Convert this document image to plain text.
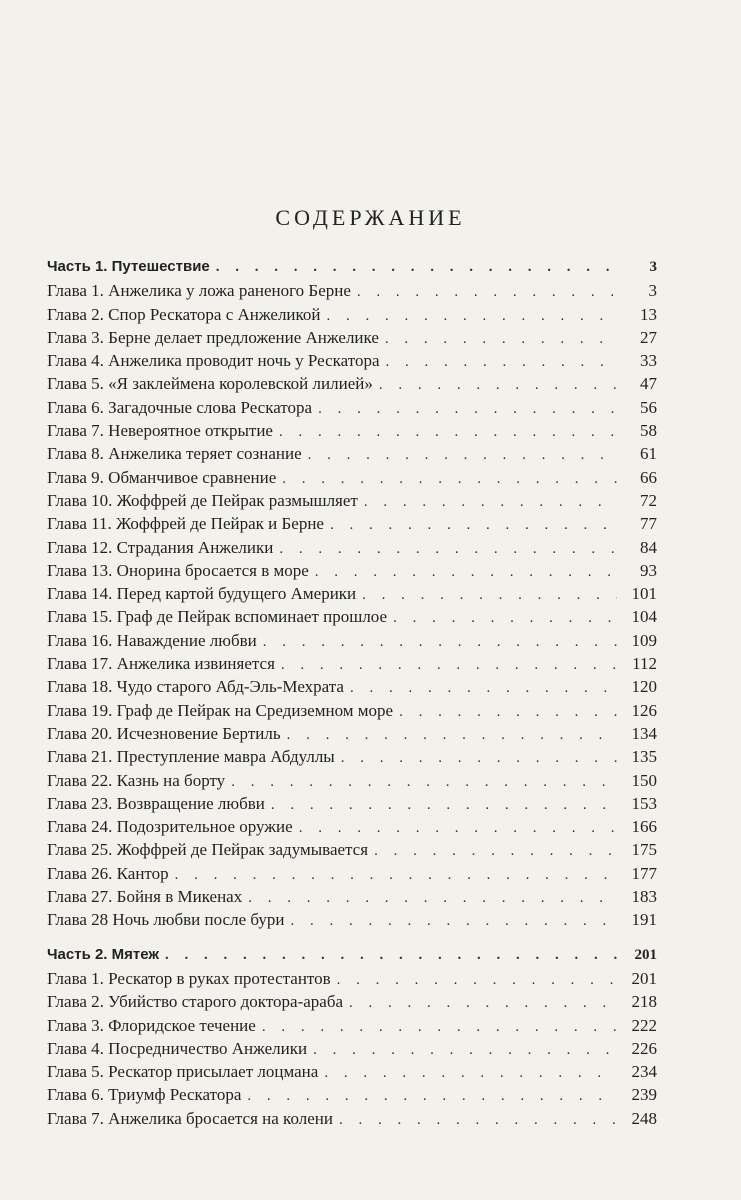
СОДЕРЖАНИЕ
Часть 1. Путешествие . . .	3
Глава 1. Анжелика у ложа раненого Берне . . .	3
Глава 2. Спор Рескатора с Анжеликой . . .	13
Глава 3. Берне делает предложение Анжелике . . .	27
Глава 4. Анжелика проводит ночь у Рескатора . . .	33
Глава 5. «Я заклеймена королевской лилией» . . .	47
Глава 6. Загадочные слова Рескатора . . .	56
Глава 7. Невероятное открытие . . .	58
Глава 8. Анжелика теряет сознание . . .	61
Глава 9. Обманчивое сравнение . . .	66
Глава 10. Жоффрей де Пейрак размышляет . . .	72
Глава 11. Жоффрей де Пейрак и Берне . . .	77
Глава 12. Страдания Анжелики . . .	84
Глава 13. Онорина бросается в море . . .	93
Глава 14. Перед картой будущего Америки . . .	101
Глава 15. Граф де Пейрак вспоминает прошлое . . .	104
Глава 16. Наваждение любви . . .	109
Глава 17. Анжелика извиняется . . .	112
Глава 18. Чудо старого Абд-Эль-Мехрата . . .	120
Глава 19. Граф де Пейрак на Средиземном море . . .	126
Глава 20. Исчезновение Бертиль . . .	134
Глава 21. Преступление мавра Абдуллы . . .	135
Глава 22. Казнь на борту . . .	150
Глава 23. Возвращение любви . . .	153
Глава 24. Подозрительное оружие . . .	166
Глава 25. Жоффрей де Пейрак задумывается . . .	175
Глава 26. Кантор . . .	177
Глава 27. Бойня в Микенах . . .	183
Глава 28 Ночь любви после бури . . .	191
Часть 2. Мятеж . . .	201
Глава 1. Рескатор в руках протестантов . . .	201
Глава 2. Убийство старого доктора-араба . . .	218
Глава 3. Флоридское течение . . .	222
Глава 4. Посредничество Анжелики . . .	226
Глава 5. Рескатор присылает лоцмана . . .	234
Глава 6. Триумф Рескатора . . .	239
Глава 7. Анжелика бросается на колени . . .	248
